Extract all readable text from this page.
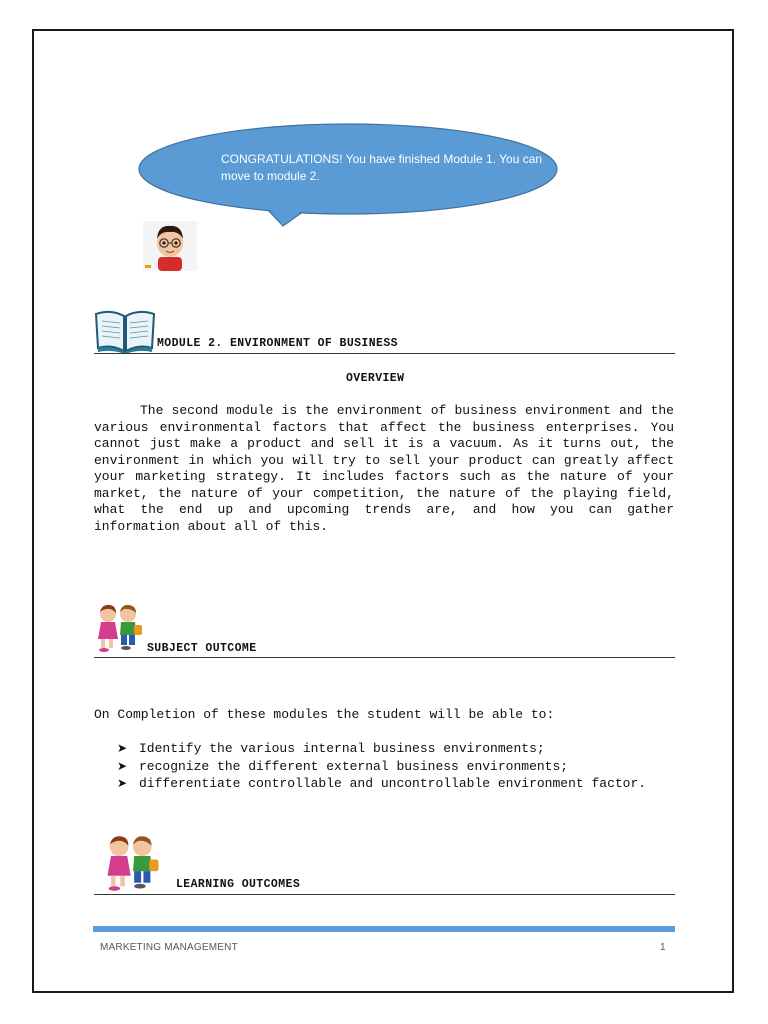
CONGRATULATIONS! You have finished Module 1. You can move to module 2.
MODULE 2. ENVIRONMENT OF BUSINESS
OVERVIEW

The second module is the environment of business environment and the various environmental factors that affect the business enterprises. You cannot just make a product and sell it is a vacuum. As it turns out, the environment in which you will try to sell your product can greatly affect your marketing strategy. It includes factors such as the nature of your market, the nature of your competition, the nature of the playing field, what the end up and upcoming trends are, and how you can gather information about all of this.

SUBJECT OUTCOME
On Completion of these modules the student will be able to:
➤ Identify the various internal business environments;
➤ recognize the different external business environments;
➤ differentiate controllable and uncontrollable environment factor.
LEARNING OUTCOMES
MARKETING MANAGEMENT	1
